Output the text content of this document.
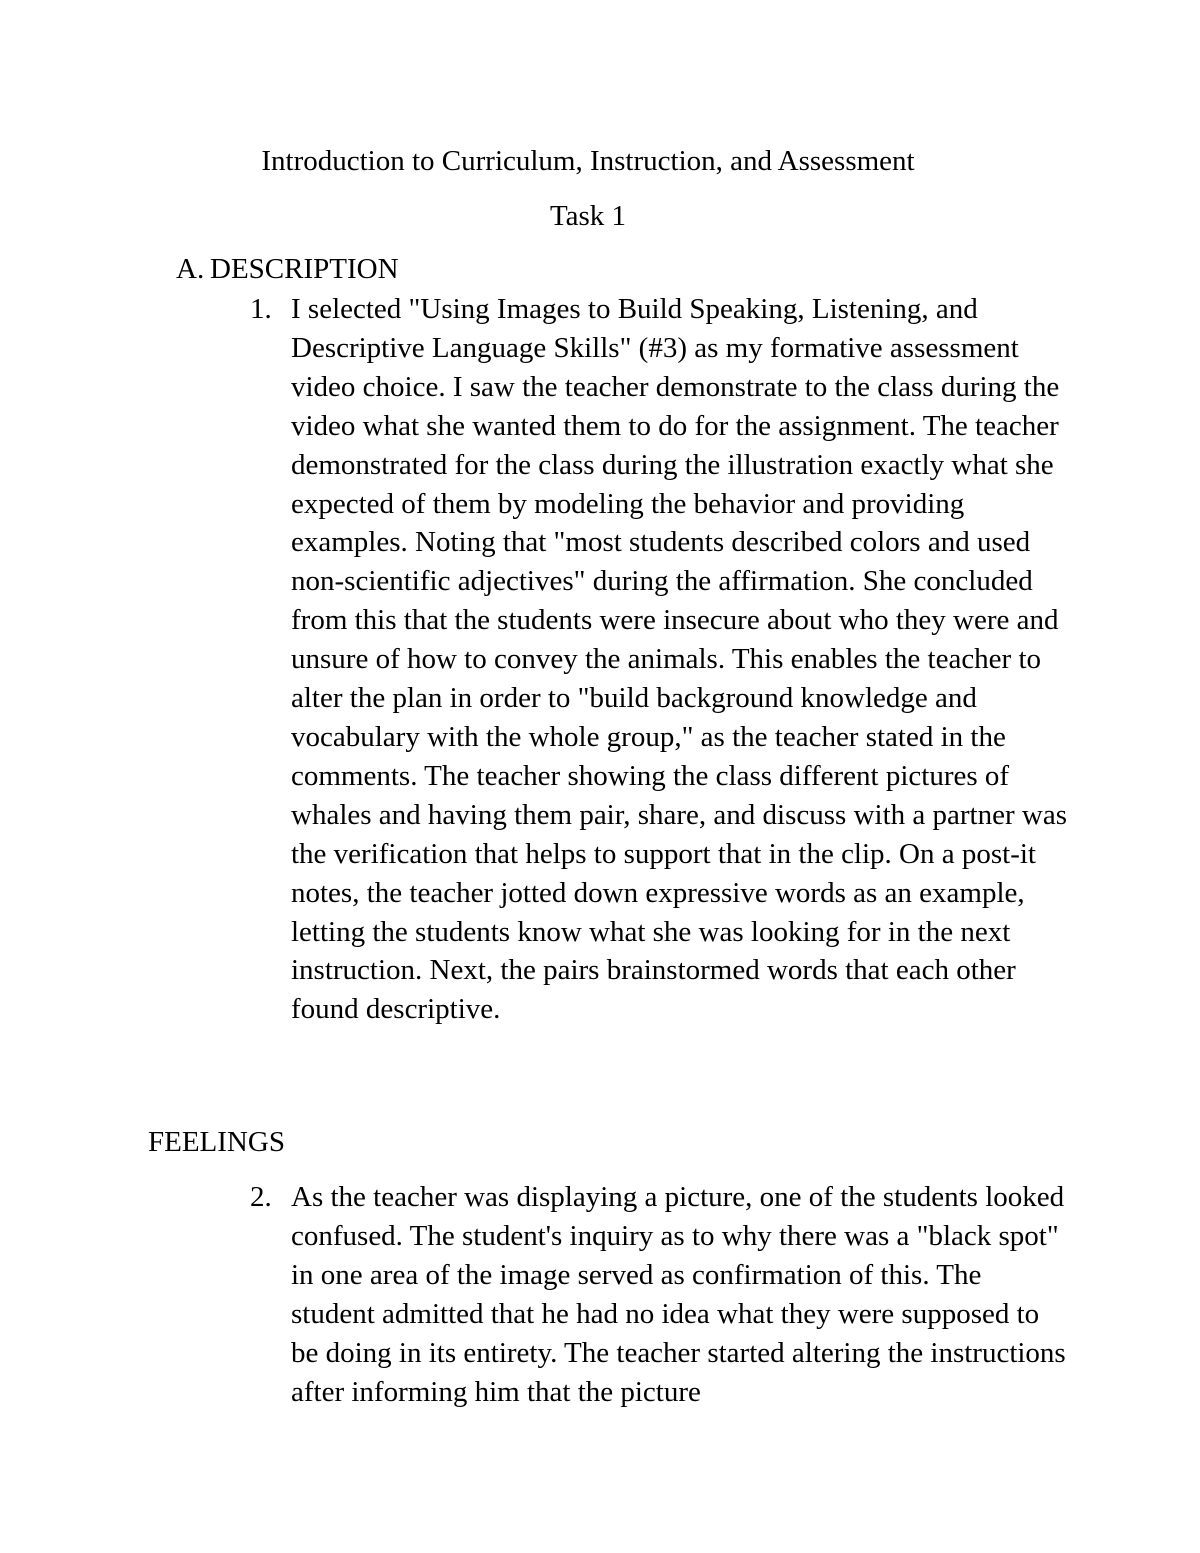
Introduction to Curriculum, Instruction, and Assessment
Task 1
A. DESCRIPTION
1. I selected "Using Images to Build Speaking, Listening, and Descriptive Language Skills" (#3) as my formative assessment video choice. I saw the teacher demonstrate to the class during the video what she wanted them to do for the assignment. The teacher demonstrated for the class during the illustration exactly what she expected of them by modeling the behavior and providing examples. Noting that "most students described colors and used non-scientific adjectives" during the affirmation. She concluded from this that the students were insecure about who they were and unsure of how to convey the animals. This enables the teacher to alter the plan in order to "build background knowledge and vocabulary with the whole group," as the teacher stated in the comments. The teacher showing the class different pictures of whales and having them pair, share, and discuss with a partner was the verification that helps to support that in the clip. On a post-it notes, the teacher jotted down expressive words as an example, letting the students know what she was looking for in the next instruction. Next, the pairs brainstormed words that each other found descriptive.
FEELINGS
2. As the teacher was displaying a picture, one of the students looked confused. The student's inquiry as to why there was a "black spot" in one area of the image served as confirmation of this. The student admitted that he had no idea what they were supposed to be doing in its entirety. The teacher started altering the instructions after informing him that the picture
